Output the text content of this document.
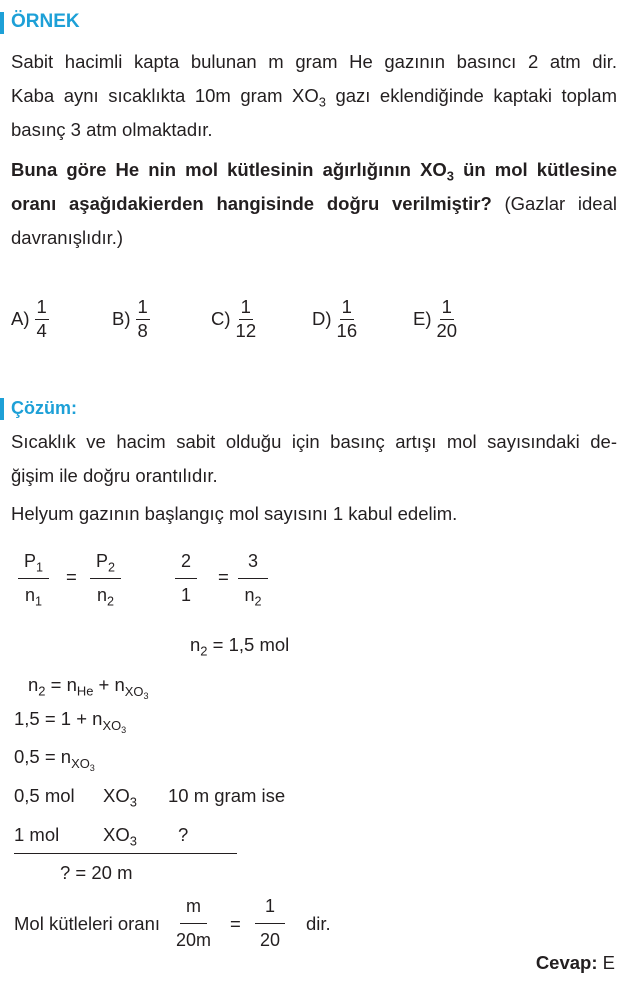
ÖRNEK

Sabit hacimli kapta bulunan m gram He gazının basıncı 2 atm dir.

Kaba aynı sıcaklıkta 10m gram $XO_3$ gazı eklendiğinde kaptaki toplam

basınç 3 atm olmaktadır.

Buna göre He nin mol kütlesinin ağırlığının $XO_3$ ün mol kütlesine

oranı aşağıdakierden hangisinde doğru verilmiştir? (Gazlar ideal

davranışlıdır.)

$A) \frac{1}{4}$	$B) \frac{1}{8}$	$C) \frac{1}{12}$	$D) \frac{1}{16}$	$E) \frac{1}{20}$
Çözüm:

Sıcaklık ve hacim sabit olduğu için basınç artışı mol sayısındaki de-

ğişim ile doğru orantılıdır.

Helyum gazının başlangıç mol sayısını 1 kabul edelim.

$P_1$
$n_1$
=
$P_2$
$n_2$
2
1
=
3
$n_2$
$n_2 = 1,5$ mol
$n_2 = n_{He} + n_{XO_3}$
$1,5 = 1 + n_{XO_3}$
$0,5 = n_{XO_3}$
0,5 mol $XO_3$ 10 m gram ise
1 mol $XO_3$ ?
? = 20 m
Mol kütleleri oranı
m
20m
=
1
20
dir.
Cevap: E
